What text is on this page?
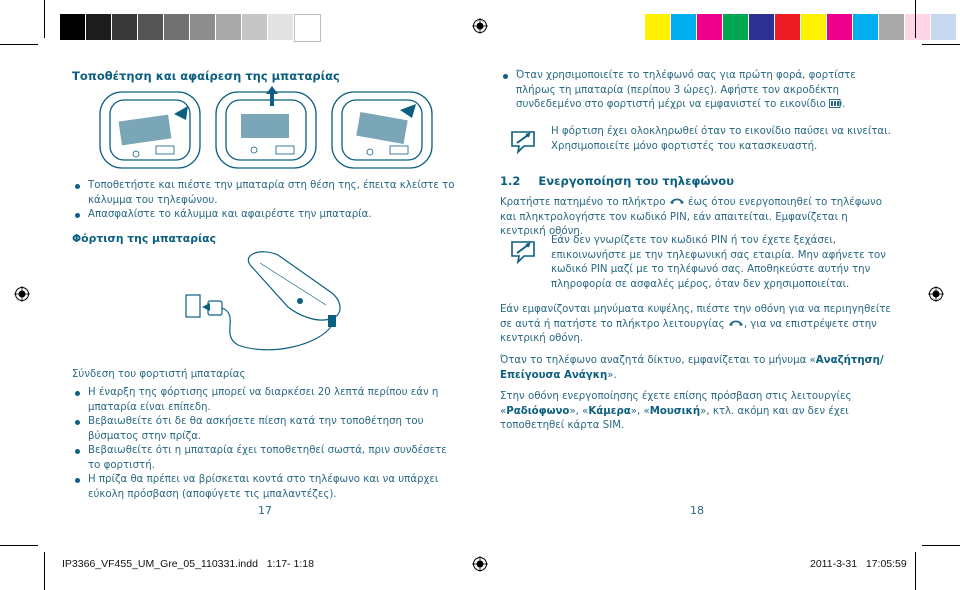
Τοποθέτηση και αφαίρεση της μπαταρίας
Τοποθετήστε και πιέστε την μπαταρία στη θέση της, έπειτα κλείστε το κάλυμμα του τηλεφώνου.
Απασφαλίστε το κάλυμμα και αφαιρέστε την μπαταρία.
Φόρτιση της μπαταρίας
Σύνδεση του φορτιστή μπαταρίας
Η έναρξη της φόρτισης μπορεί να διαρκέσει 20 λεπτά περίπου εάν η μπαταρία είναι επίπεδη.
Βεβαιωθείτε ότι δε θα ασκήσετε πίεση κατά την τοποθέτηση του βύσματος στην πρίζα.
Βεβαιωθείτε ότι η μπαταρία έχει τοποθετηθεί σωστά, πριν συνδέσετε το φορτιστή.
Η πρίζα θα πρέπει να βρίσκεται κοντά στο τηλέφωνο και να υπάρχει εύκολη πρόσβαση (αποφύγετε τις μπαλαντέζες).
17
Όταν χρησιμοποιείτε το τηλέφωνό σας για πρώτη φορά, φορτίστε πλήρως τη μπαταρία (περίπου 3 ώρες). Αφήστε τον ακροδέκτη συνδεδεμένο στο φορτιστή μέχρι να εμφανιστεί το εικονίδιο .
Η φόρτιση έχει ολοκληρωθεί όταν το εικονίδιο παύσει να κινείται. Χρησιμοποιείτε μόνο φορτιστές του κατασκευαστή.
1.2 Ενεργοποίηση του τηλεφώνου
Κρατήστε πατημένο το πλήκτρο έως ότου ενεργοποιηθεί το τηλέφωνο και πληκτρολογήστε τον κωδικό PIN, εάν απαιτείται. Εμφανίζεται η κεντρική οθόνη.
Εάν δεν γνωρίζετε τον κωδικό PIN ή τον έχετε ξεχάσει, επικοινωνήστε με την τηλεφωνική σας εταιρία. Μην αφήνετε τον κωδικό PIN μαζί με το τηλέφωνό σας. Αποθηκεύστε αυτήν την πληροφορία σε ασφαλές μέρος, όταν δεν χρησιμοποιείται.
Εάν εμφανίζονται μηνύματα κυψέλης, πιέστε την οθόνη για να περιηγηθείτε σε αυτά ή πατήστε το πλήκτρο λειτουργίας , για να επιστρέψετε στην κεντρική οθόνη.
Όταν το τηλέφωνο αναζητά δίκτυο, εμφανίζεται το μήνυμα «Αναζήτηση/ Επείγουσα Ανάγκη».
Στην οθόνη ενεργοποίησης έχετε επίσης πρόσβαση στις λειτουργίες «Ραδιόφωνο», «Κάμερα», «Μουσική», κτλ. ακόμη και αν δεν έχει τοποθετηθεί κάρτα SIM.
18
IP3366_VF455_UM_Gre_05_110331.indd   1:17- 1:18	2011-3-31   17:05:59
